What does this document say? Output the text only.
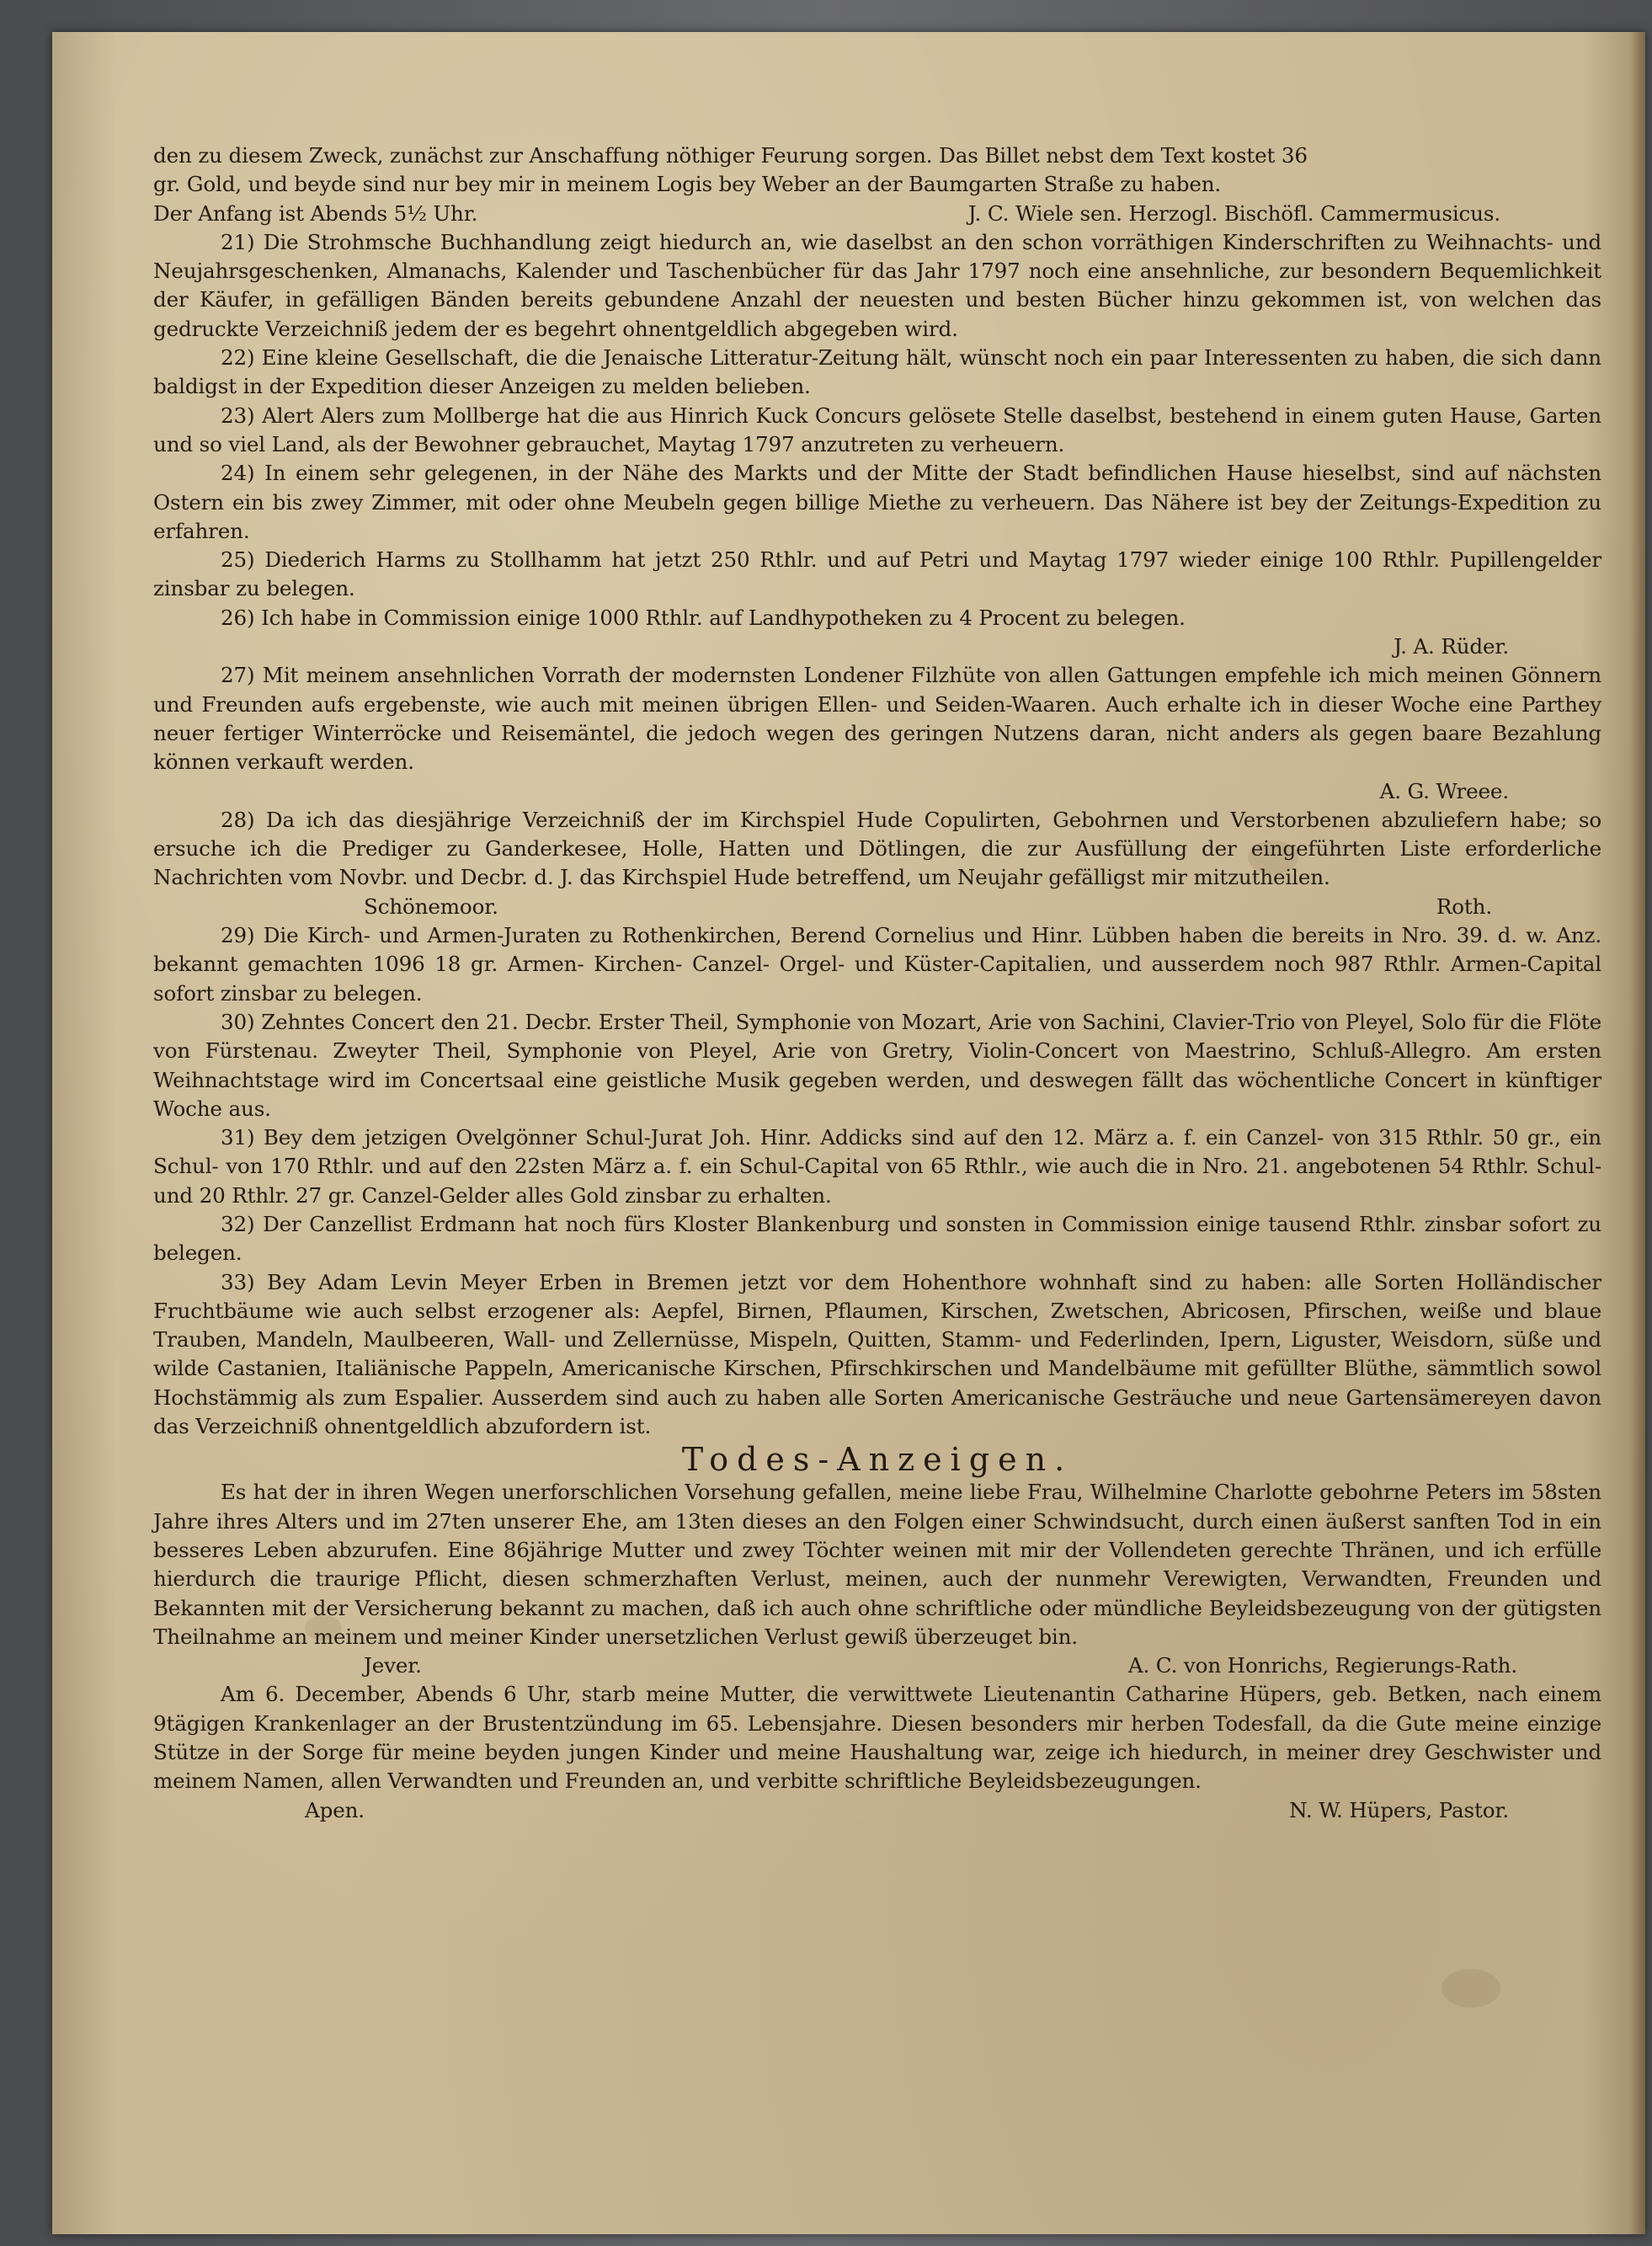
den zu diesem Zweck, zunächst zur Anschaffung nöthiger Feurung sorgen. Das Billet nebst dem Text kostet 36

gr. Gold, und beyde sind nur bey mir in meinem Logis bey Weber an der Baumgarten Straße zu haben.

Der Anfang ist Abends 5½ Uhr.	J. C. Wiele sen. Herzogl. Bischöfl. Cammermusicus.

21) Die Strohmsche Buchhandlung zeigt hiedurch an, wie daselbst an den schon vorräthigen Kinderschriften zu Weihnachts- und Neujahrsgeschenken, Almanachs, Kalender und Taschenbücher für das Jahr 1797 noch eine ansehnliche, zur besondern Bequemlichkeit der Käufer, in gefälligen Bänden bereits gebundene Anzahl der neuesten und besten Bücher hinzu gekommen ist, von welchen das gedruckte Verzeichniß jedem der es begehrt ohnentgeldlich abgegeben wird.

22) Eine kleine Gesellschaft, die die Jenaische Litteratur-Zeitung hält, wünscht noch ein paar Interessenten zu haben, die sich dann baldigst in der Expedition dieser Anzeigen zu melden belieben.

23) Alert Alers zum Mollberge hat die aus Hinrich Kuck Concurs gelösete Stelle daselbst, bestehend in einem guten Hause, Garten und so viel Land, als der Bewohner gebrauchet, Maytag 1797 anzutreten zu verheuern.

24) In einem sehr gelegenen, in der Nähe des Markts und der Mitte der Stadt befindlichen Hause hieselbst, sind auf nächsten Ostern ein bis zwey Zimmer, mit oder ohne Meubeln gegen billige Miethe zu verheuern. Das Nähere ist bey der Zeitungs-Expedition zu erfahren.

25) Diederich Harms zu Stollhamm hat jetzt 250 Rthlr. und auf Petri und Maytag 1797 wieder einige 100 Rthlr. Pupillengelder zinsbar zu belegen.

26) Ich habe in Commission einige 1000 Rthlr. auf Landhypotheken zu 4 Procent zu belegen.

J. A. Rüder.

27) Mit meinem ansehnlichen Vorrath der modernsten Londener Filzhüte von allen Gattungen empfehle ich mich meinen Gönnern und Freunden aufs ergebenste, wie auch mit meinen übrigen Ellen- und Seiden-Waaren. Auch erhalte ich in dieser Woche eine Parthey neuer fertiger Winterröcke und Reisemäntel, die jedoch wegen des geringen Nutzens daran, nicht anders als gegen baare Bezahlung können verkauft werden.

A. G. Wreee.

28) Da ich das diesjährige Verzeichniß der im Kirchspiel Hude Copulirten, Gebohrnen und Verstorbenen abzuliefern habe; so ersuche ich die Prediger zu Ganderkesee, Holle, Hatten und Dötlingen, die zur Ausfüllung der eingeführten Liste erforderliche Nachrichten vom Novbr. und Decbr. d. J. das Kirchspiel Hude betreffend, um Neujahr gefälligst mir mitzutheilen.

Schönemoor.	Roth.

29) Die Kirch- und Armen-Juraten zu Rothenkirchen, Berend Cornelius und Hinr. Lübben haben die bereits in Nro. 39. d. w. Anz. bekannt gemachten 1096 18 gr. Armen- Kirchen- Canzel- Orgel- und Küster-Capitalien, und ausserdem noch 987 Rthlr. Armen-Capital sofort zinsbar zu belegen.

30) Zehntes Concert den 21. Decbr. Erster Theil, Symphonie von Mozart, Arie von Sachini, Clavier-Trio von Pleyel, Solo für die Flöte von Fürstenau. Zweyter Theil, Symphonie von Pleyel, Arie von Gretry, Violin-Concert von Maestrino, Schluß-Allegro. Am ersten Weihnachtstage wird im Concertsaal eine geistliche Musik gegeben werden, und deswegen fällt das wöchentliche Concert in künftiger Woche aus.

31) Bey dem jetzigen Ovelgönner Schul-Jurat Joh. Hinr. Addicks sind auf den 12. März a. f. ein Canzel- von 315 Rthlr. 50 gr., ein Schul- von 170 Rthlr. und auf den 22sten März a. f. ein Schul-Capital von 65 Rthlr., wie auch die in Nro. 21. angebotenen 54 Rthlr. Schul- und 20 Rthlr. 27 gr. Canzel-Gelder alles Gold zinsbar zu erhalten.

32) Der Canzellist Erdmann hat noch fürs Kloster Blankenburg und sonsten in Commission einige tausend Rthlr. zinsbar sofort zu belegen.

33) Bey Adam Levin Meyer Erben in Bremen jetzt vor dem Hohenthore wohnhaft sind zu haben: alle Sorten Holländischer Fruchtbäume wie auch selbst erzogener als: Aepfel, Birnen, Pflaumen, Kirschen, Zwetschen, Abricosen, Pfirschen, weiße und blaue Trauben, Mandeln, Maulbeeren, Wall- und Zellernüsse, Mispeln, Quitten, Stamm- und Federlinden, Ipern, Liguster, Weisdorn, süße und wilde Castanien, Italiänische Pappeln, Americanische Kirschen, Pfirschkirschen und Mandelbäume mit gefüllter Blüthe, sämmtlich sowol Hochstämmig als zum Espalier. Ausserdem sind auch zu haben alle Sorten Americanische Gesträuche und neue Gartensämereyen davon das Verzeichniß ohnentgeldlich abzufordern ist.

Todes-Anzeigen.

Es hat der in ihren Wegen unerforschlichen Vorsehung gefallen, meine liebe Frau, Wilhelmine Charlotte gebohrne Peters im 58sten Jahre ihres Alters und im 27ten unserer Ehe, am 13ten dieses an den Folgen einer Schwindsucht, durch einen äußerst sanften Tod in ein besseres Leben abzurufen. Eine 86jährige Mutter und zwey Töchter weinen mit mir der Vollendeten gerechte Thränen, und ich erfülle hierdurch die traurige Pflicht, diesen schmerzhaften Verlust, meinen, auch der nunmehr Verewigten, Verwandten, Freunden und Bekannten mit der Versicherung bekannt zu machen, daß ich auch ohne schriftliche oder mündliche Beyleidsbezeugung von der gütigsten Theilnahme an meinem und meiner Kinder unersetzlichen Verlust gewiß überzeuget bin.

Jever.	A. C. von Honrichs, Regierungs-Rath.

Am 6. December, Abends 6 Uhr, starb meine Mutter, die verwittwete Lieutenantin Catharine Hüpers, geb. Betken, nach einem 9tägigen Krankenlager an der Brustentzündung im 65. Lebensjahre. Diesen besonders mir herben Todesfall, da die Gute meine einzige Stütze in der Sorge für meine beyden jungen Kinder und meine Haushaltung war, zeige ich hiedurch, in meiner drey Geschwister und meinem Namen, allen Verwandten und Freunden an, und verbitte schriftliche Beyleidsbezeugungen.

Apen.	N. W. Hüpers, Pastor.
